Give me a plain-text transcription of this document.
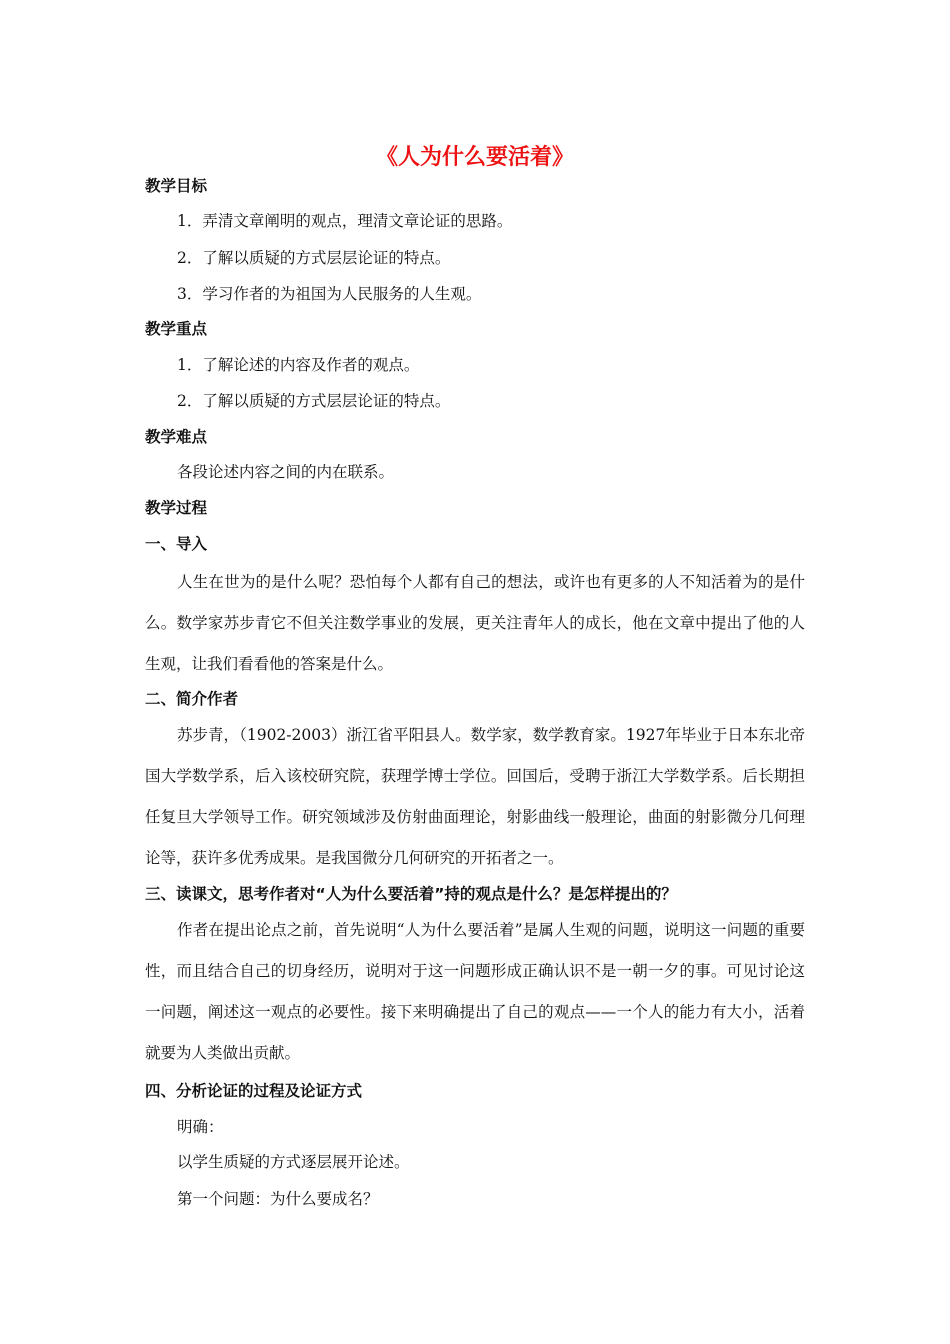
《人为什么要活着》
教学目标
1．弄清文章阐明的观点，理清文章论证的思路。
2．了解以质疑的方式层层论证的特点。
3．学习作者的为祖国为人民服务的人生观。
教学重点
1．了解论述的内容及作者的观点。
2．了解以质疑的方式层层论证的特点。
教学难点
各段论述内容之间的内在联系。
教学过程
一、导入
人生在世为的是什么呢？恐怕每个人都有自己的想法，或许也有更多的人不知活着为的是什么。数学家苏步青它不但关注数学事业的发展，更关注青年人的成长，他在文章中提出了他的人生观，让我们看看他的答案是什么。
二、简介作者
苏步青，（1902-2003）浙江省平阳县人。数学家，数学教育家。1927年毕业于日本东北帝国大学数学系，后入该校研究院，获理学博士学位。回国后，受聘于浙江大学数学系。后长期担任复旦大学领导工作。研究领域涉及仿射曲面理论，射影曲线一般理论，曲面的射影微分几何理论等，获许多优秀成果。是我国微分几何研究的开拓者之一。
三、读课文，思考作者对“人为什么要活着”持的观点是什么？是怎样提出的？
作者在提出论点之前，首先说明“人为什么要活着”是属人生观的问题，说明这一问题的重要性，而且结合自己的切身经历，说明对于这一问题形成正确认识不是一朝一夕的事。可见讨论这一问题，阐述这一观点的必要性。接下来明确提出了自己的观点——一个人的能力有大小，活着就要为人类做出贡献。
四、分析论证的过程及论证方式
明确：
以学生质疑的方式逐层展开论述。
第一个问题：为什么要成名？
